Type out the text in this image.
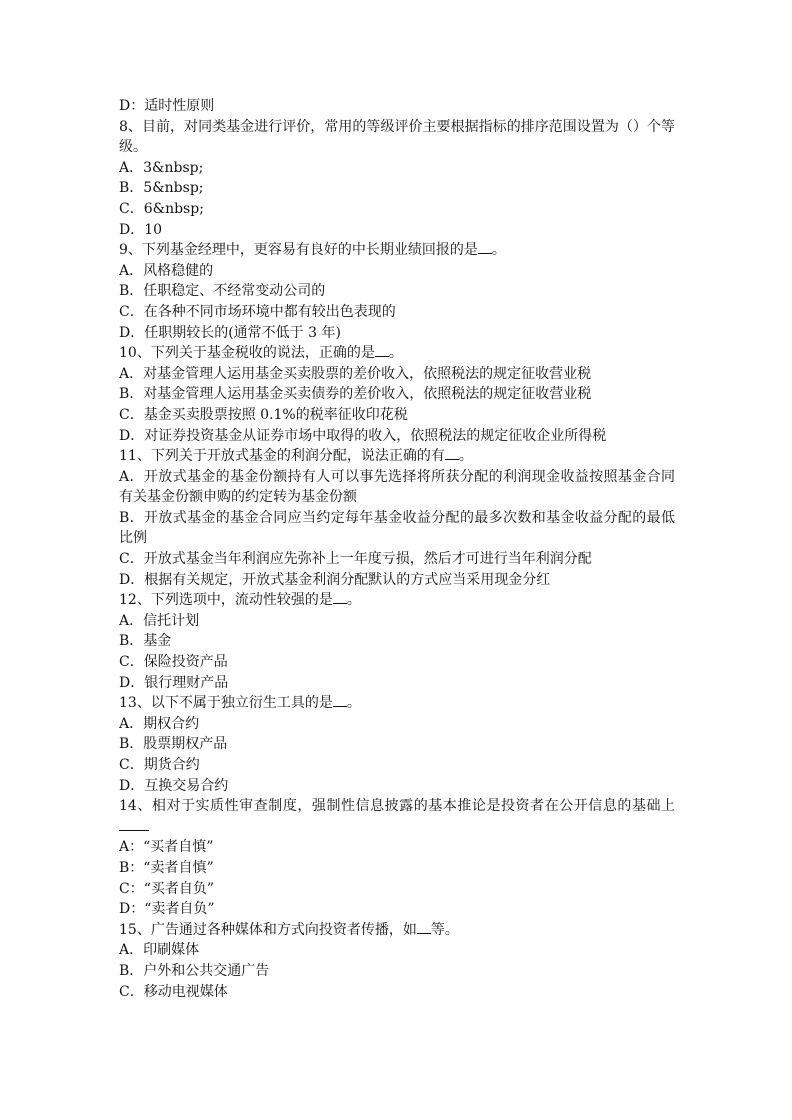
D：适时性原则
8、目前，对同类基金进行评价，常用的等级评价主要根据指标的排序范围设置为（）个等级。
A．3&nbsp;
B．5&nbsp;
C．6&nbsp;
D．10
9、下列基金经理中，更容易有良好的中长期业绩回报的是 。
A．风格稳健的
B．任职稳定、不经常变动公司的
C．在各种不同市场环境中都有较出色表现的
D．任职期较长的(通常不低于 3 年)
10、下列关于基金税收的说法，正确的是 。
A．对基金管理人运用基金买卖股票的差价收入，依照税法的规定征收营业税
B．对基金管理人运用基金买卖债券的差价收入，依照税法的规定征收营业税
C．基金买卖股票按照 0.1%的税率征收印花税
D．对证券投资基金从证券市场中取得的收入，依照税法的规定征收企业所得税
11、下列关于开放式基金的利润分配，说法正确的有 。
A．开放式基金的基金份额持有人可以事先选择将所获分配的利润现金收益按照基金合同有关基金份额申购的约定转为基金份额
B．开放式基金的基金合同应当约定每年基金收益分配的最多次数和基金收益分配的最低比例
C．开放式基金当年利润应先弥补上一年度亏损，然后才可进行当年利润分配
D．根据有关规定，开放式基金利润分配默认的方式应当采用现金分红
12、下列选项中，流动性较强的是 。
A．信托计划
B．基金
C．保险投资产品
D．银行理财产品
13、以下不属于独立衍生工具的是 。
A．期权合约
B．股票期权产品
C．期货合约
D．互换交易合约
14、相对于实质性审查制度，强制性信息披露的基本推论是投资者在公开信息的基础上
A：“买者自慎”
B：“卖者自慎”
C：“买者自负”
D：“卖者自负”
15、广告通过各种媒体和方式向投资者传播，如 等。
A．印刷媒体
B．户外和公共交通广告
C．移动电视媒体
